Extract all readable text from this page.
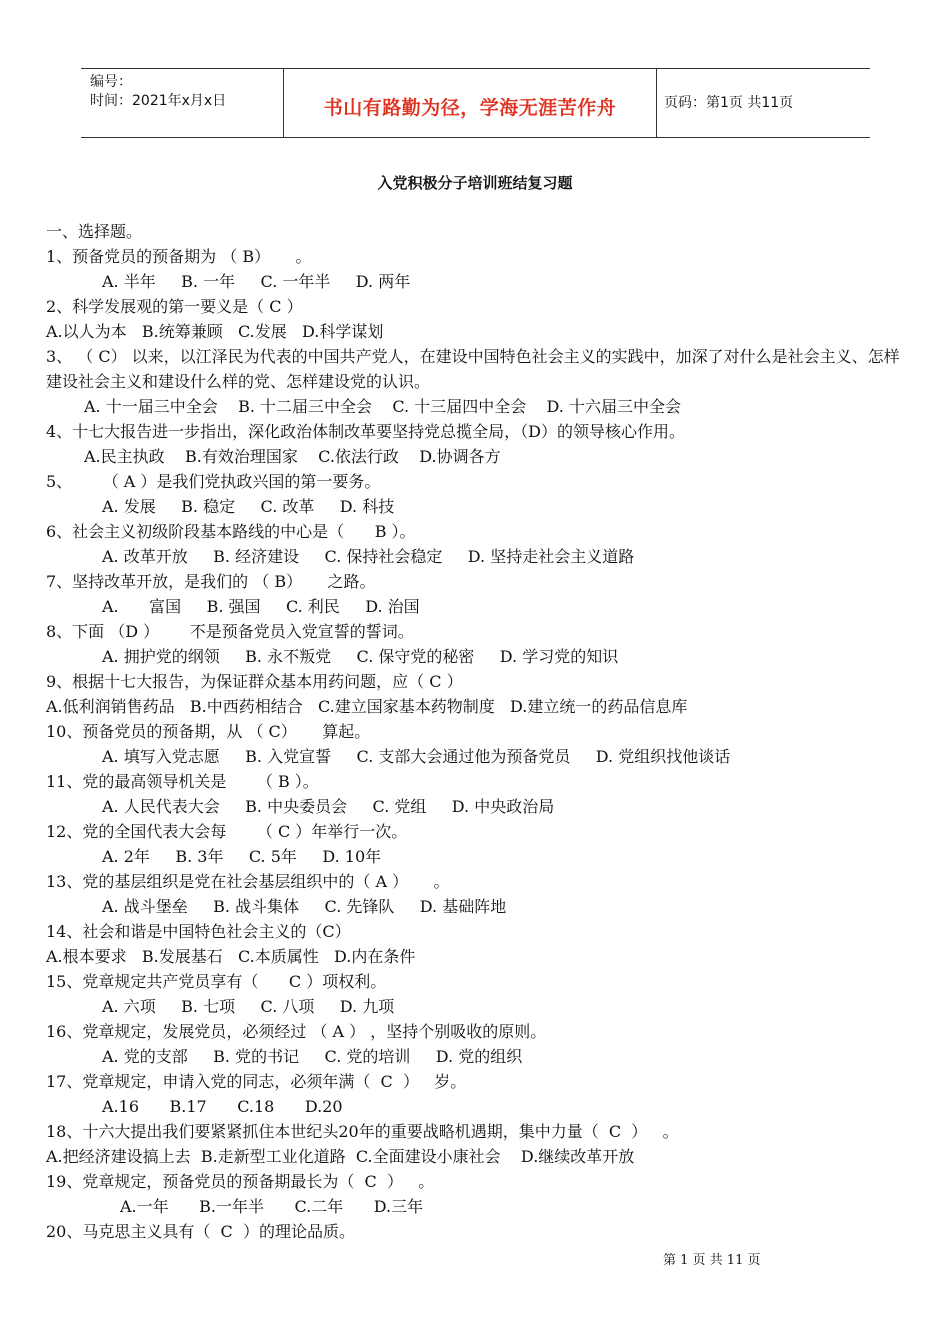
编号：
时间：2021年x月x日	书山有路勤为径，学海无涯苦作舟	页码：第1页 共11页
入党积极分子培训班结复习题
一、选择题。
1、预备党员的预备期为 （ B）     。
A. 半年     B. 一年     C. 一年半     D. 两年
2、科学发展观的第一要义是（ C ）
A.以人为本   B.统筹兼顾   C.发展   D.科学谋划
3、 （ C） 以来，以江泽民为代表的中国共产党人，在建设中国特色社会主义的实践中，加深了对什么是社会主义、怎样建设社会主义和建设什么样的党、怎样建设党的认识。
A. 十一届三中全会    B. 十二届三中全会    C. 十三届四中全会    D. 十六届三中全会
4、十七大报告进一步指出，深化政治体制改革要坚持党总揽全局，（D）的领导核心作用。
A.民主执政    B.有效治理国家    C.依法行政    D.协调各方
5、      （ A ）是我们党执政兴国的第一要务。
A. 发展     B. 稳定     C. 改革     D. 科技
6、社会主义初级阶段基本路线的中心是（      B ）。
A. 改革开放     B. 经济建设     C. 保持社会稳定     D. 坚持走社会主义道路
7、坚持改革开放，是我们的 （ B）     之路。
A.      富国     B. 强国     C. 利民     D. 治国
8、下面 （D ）      不是预备党员入党宣誓的誓词。
A. 拥护党的纲领     B. 永不叛党     C. 保守党的秘密     D. 学习党的知识
9、根据十七大报告，为保证群众基本用药问题，应（ C ）
A.低利润销售药品   B.中西药相结合   C.建立国家基本药物制度   D.建立统一的药品信息库
10、预备党员的预备期，从 （ C）     算起。
A. 填写入党志愿     B. 入党宣誓     C. 支部大会通过他为预备党员     D. 党组织找他谈话
11、党的最高领导机关是      （ B ）。
A. 人民代表大会     B. 中央委员会     C. 党组     D. 中央政治局
12、党的全国代表大会每      （ C ）年举行一次。
A. 2年     B. 3年     C. 5年     D. 10年
13、党的基层组织是党在社会基层组织中的（ A ）     。
A. 战斗堡垒     B. 战斗集体     C. 先锋队     D. 基础阵地
14、社会和谐是中国特色社会主义的（C）
A.根本要求   B.发展基石   C.本质属性   D.内在条件
15、党章规定共产党员享有（      C ）项权利。
A. 六项     B. 七项     C. 八项     D. 九项
16、党章规定，发展党员，必须经过 （ A ） ，坚持个别吸收的原则。
A. 党的支部     B. 党的书记     C. 党的培训     D. 党的组织
17、党章规定，申请入党的同志，必须年满（  C  ）   岁。
A.16      B.17      C.18      D.20
18、十六大提出我们要紧紧抓住本世纪头20年的重要战略机遇期，集中力量（  C  ）   。
A.把经济建设搞上去  B.走新型工业化道路  C.全面建设小康社会    D.继续改革开放
19、党章规定，预备党员的预备期最长为（  C  ）   。
A.一年      B.一年半      C.二年      D.三年
20、马克思主义具有（  C  ）的理论品质。
第 1 页 共 11 页
